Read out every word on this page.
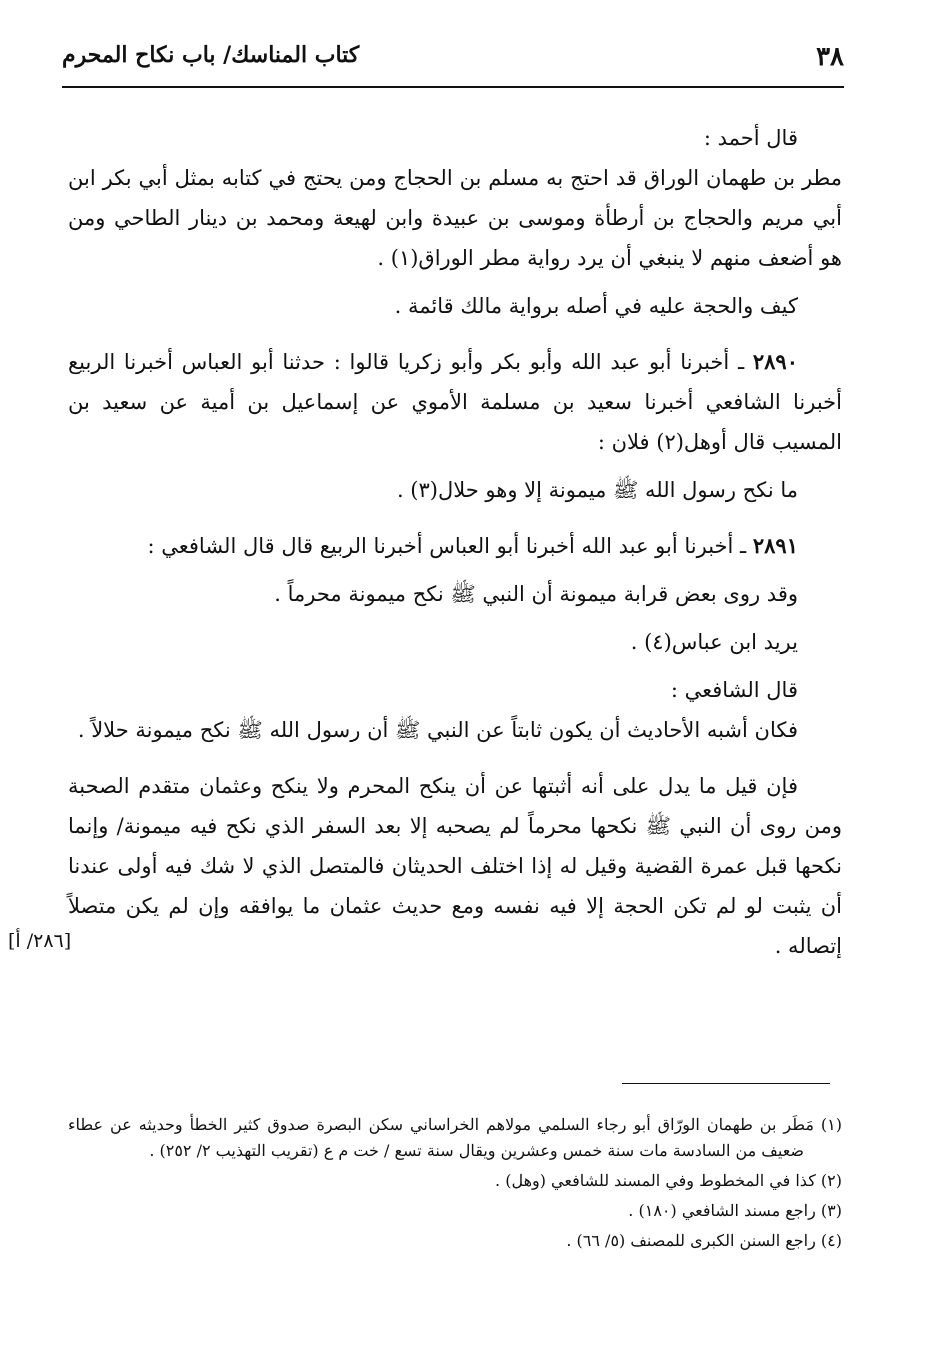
٣٨
كتاب المناسك/ باب نكاح المحرم

قال أحمد :

مطر بن طهمان الوراق قد احتج به مسلم بن الحجاج ومن يحتج في كتابه بمثل أبي بكر ابن أبي مريم والحجاج بن أرطأة وموسى بن عبيدة وابن لهيعة ومحمد بن دينار الطاحي ومن هو أضعف منهم لا ينبغي أن يرد رواية مطر الوراق(١) .

كيف والحجة عليه في أصله برواية مالك قائمة .

٢٨٩٠ ـ أخبرنا أبو عبد الله وأبو بكر وأبو زكريا قالوا : حدثنا أبو العباس أخبرنا الربيع أخبرنا الشافعي أخبرنا سعيد بن مسلمة الأموي عن إسماعيل بن أمية عن سعيد بن المسيب قال أوهل(٢) فلان :

ما نكح رسول الله ﷺ ميمونة إلا وهو حلال(٣) .

٢٨٩١ ـ أخبرنا أبو عبد الله أخبرنا أبو العباس أخبرنا الربيع قال قال الشافعي :

وقد روى بعض قرابة ميمونة أن النبي ﷺ نكح ميمونة محرماً .

يريد ابن عباس(٤) .

قال الشافعي :

فكان أشبه الأحاديث أن يكون ثابتاً عن النبي ﷺ أن رسول الله ﷺ نكح ميمونة حلالاً .

فإن قيل ما يدل على أنه أثبتها عن أن ينكح المحرم ولا ينكح وعثمان متقدم الصحبة ومن روى أن النبي ﷺ نكحها محرماً لم يصحبه إلا بعد السفر الذي نكح فيه ميمونة/ وإنما نكحها قبل عمرة القضية وقيل له إذا اختلف الحديثان فالمتصل الذي لا شك فيه أولى عندنا أن يثبت لو لم تكن الحجة إلا فيه نفسه ومع حديث عثمان ما يوافقه وإن لم يكن متصلاً إتصاله .

[٢٨٦/ أ]

(١) مَطَر بن طهمان الورّاق أبو رجاء السلمي مولاهم الخراساني سكن البصرة صدوق كثير الخطأ وحديثه عن عطاء ضعيف من السادسة مات سنة خمس وعشرين ويقال سنة تسع / خت م ع (تقريب التهذيب ٢/ ٢٥٢) .

(٢) كذا في المخطوط وفي المسند للشافعي (وهل) .

(٣) راجع مسند الشافعي (١٨٠) .

(٤) راجع السنن الكبرى للمصنف (٥/ ٦٦) .
